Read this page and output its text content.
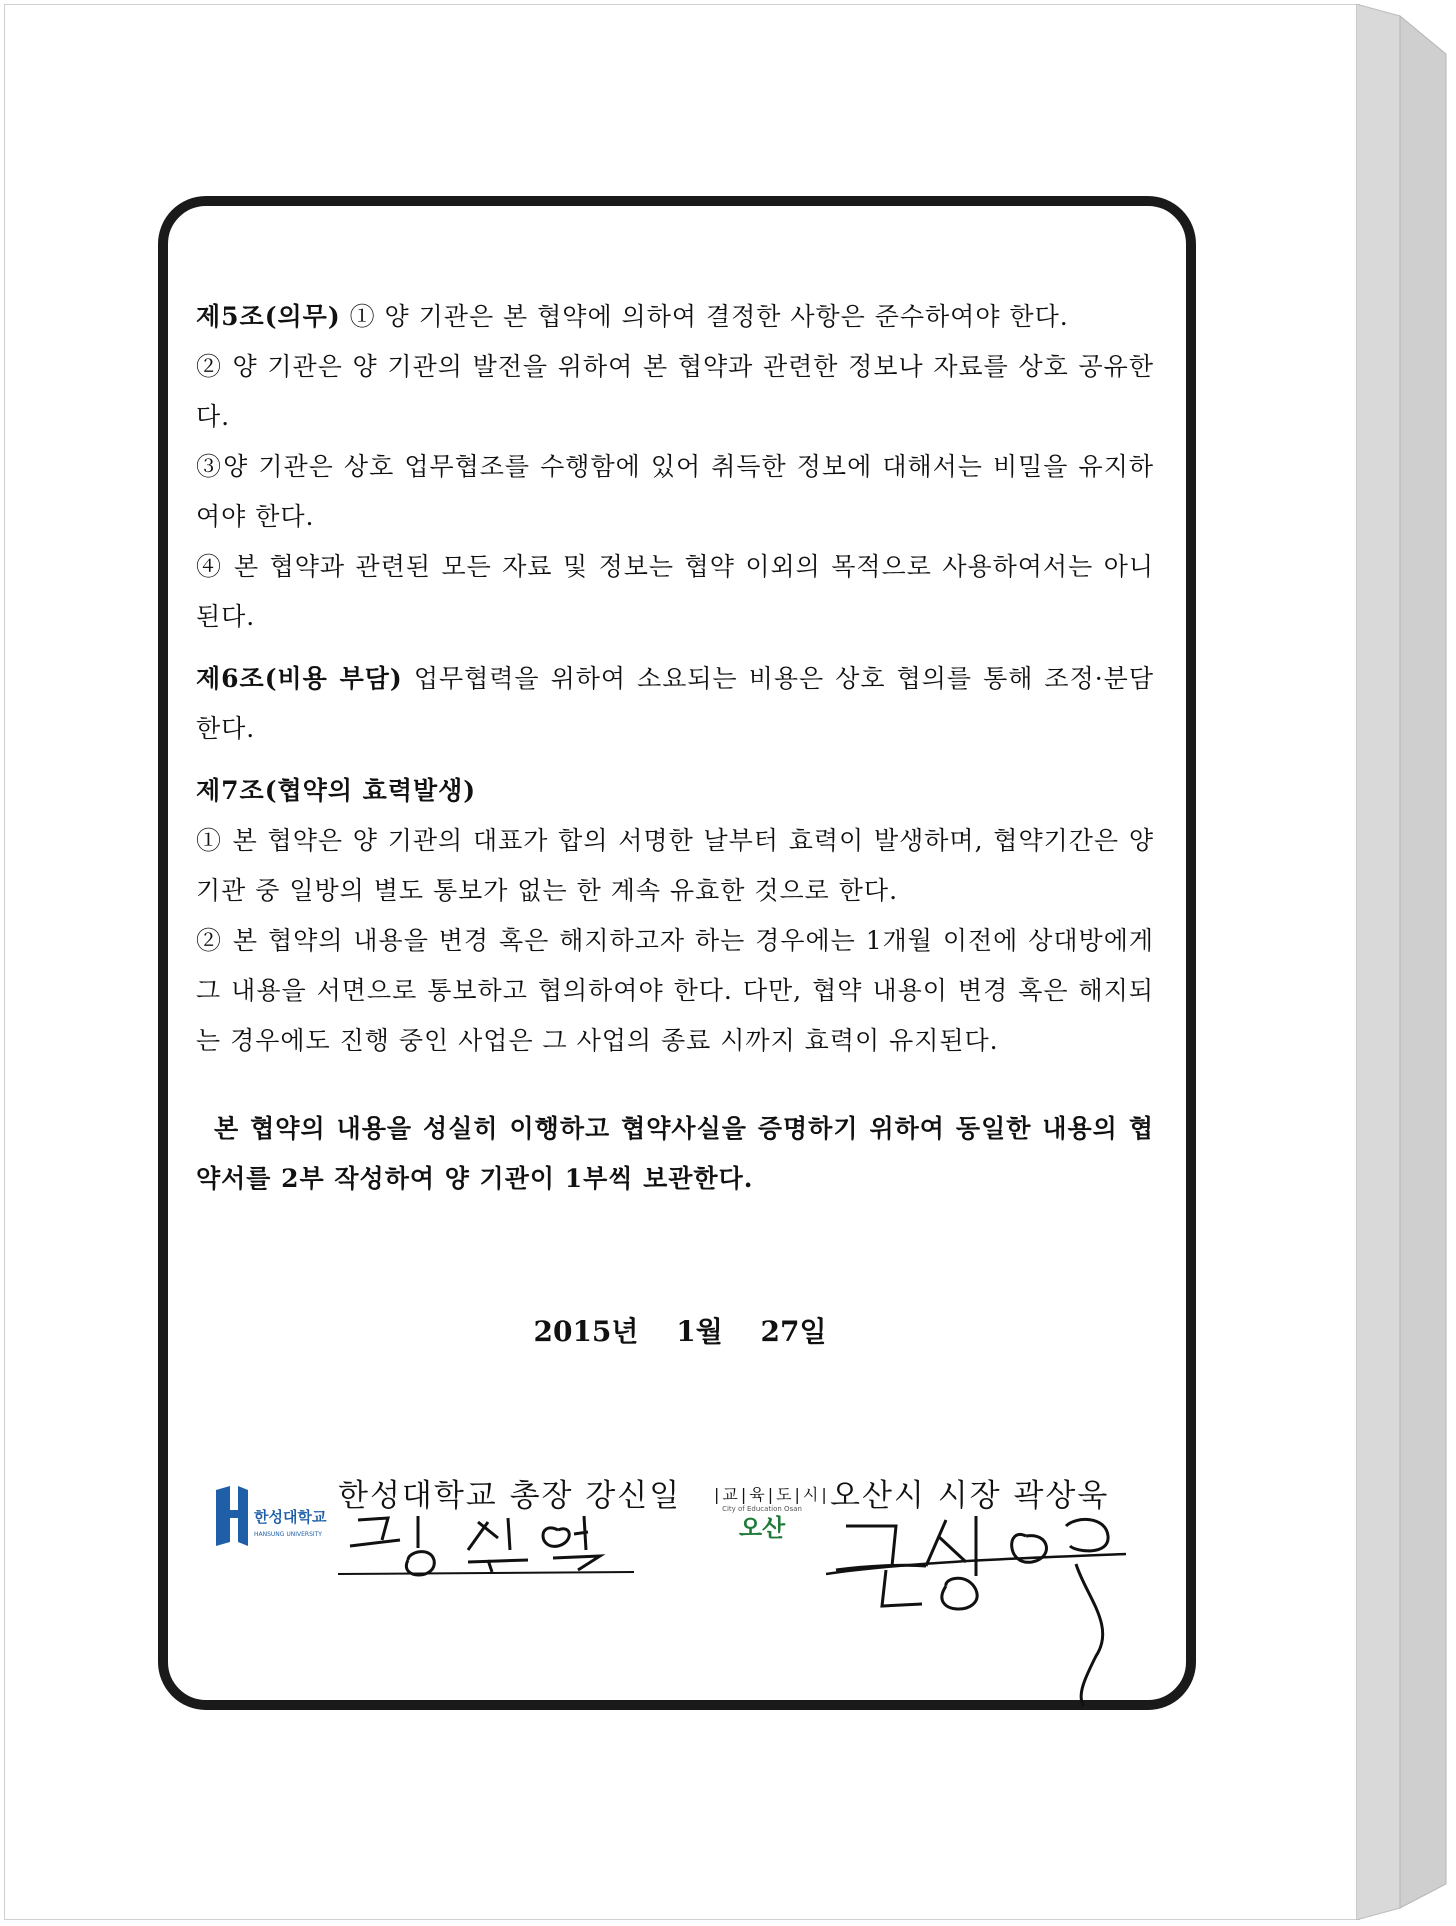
제5조(의무) ① 양 기관은 본 협약에 의하여 결정한 사항은 준수하여야 한다.

② 양 기관은 양 기관의 발전을 위하여 본 협약과 관련한 정보나 자료를 상호 공유한다.

③양 기관은 상호 업무협조를 수행함에 있어 취득한 정보에 대해서는 비밀을 유지하여야 한다.

④ 본 협약과 관련된 모든 자료 및 정보는 협약 이외의 목적으로 사용하여서는 아니 된다.

제6조(비용 부담) 업무협력을 위하여 소요되는 비용은 상호 협의를 통해 조정·분담한다.

제7조(협약의 효력발생)

① 본 협약은 양 기관의 대표가 합의 서명한 날부터 효력이 발생하며, 협약기간은 양 기관 중 일방의 별도 통보가 없는 한 계속 유효한 것으로 한다.

② 본 협약의 내용을 변경 혹은 해지하고자 하는 경우에는 1개월 이전에 상대방에게 그 내용을 서면으로 통보하고 협의하여야 한다. 다만, 협약 내용이 변경 혹은 해지되는 경우에도 진행 중인 사업은 그 사업의 종료 시까지 효력이 유지된다.

본 협약의 내용을 성실히 이행하고 협약사실을 증명하기 위하여 동일한 내용의 협약서를 2부 작성하여 양 기관이 1부씩 보관한다.

2015년 1월 27일
한성대학교
HANSUNG UNIVERSITY
한성대학교 총장 강신일 |교|육|도|시|
City of Education Osan
오산
오산시 시장 곽상욱
